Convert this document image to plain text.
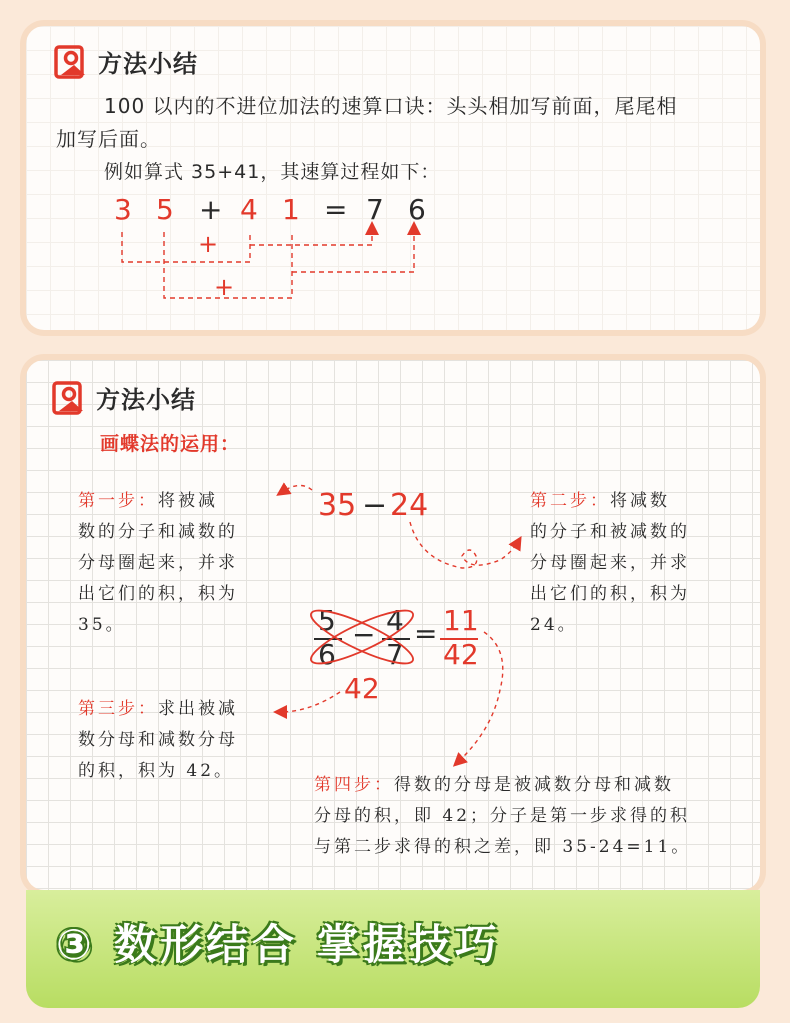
方法小结
100 以内的不进位加法的速算口诀：头头相加写前面，尾尾相
加写后面。
例如算式 35+41，其速算过程如下：
3 5 + 4 1 = 7 6
+
+
方法小结
画蝶法的运用：
第一步：将被减
数的分子和减数的
分母圈起来，并求
出它们的积，积为
35。
第二步：将减数
的分子和被减数的
分母圈起来，并求
出它们的积，积为
24。
第三步：求出被减
数分母和减数分母
的积，积为 42。
第四步：得数的分母是被减数分母和减数
分母的积，即 42；分子是第一步求得的积
与第二步求得的积之差，即 35-24=11。
35 − 24
5
6
− 4
7
= 11
42
42
③ 数形结合 掌握技巧
